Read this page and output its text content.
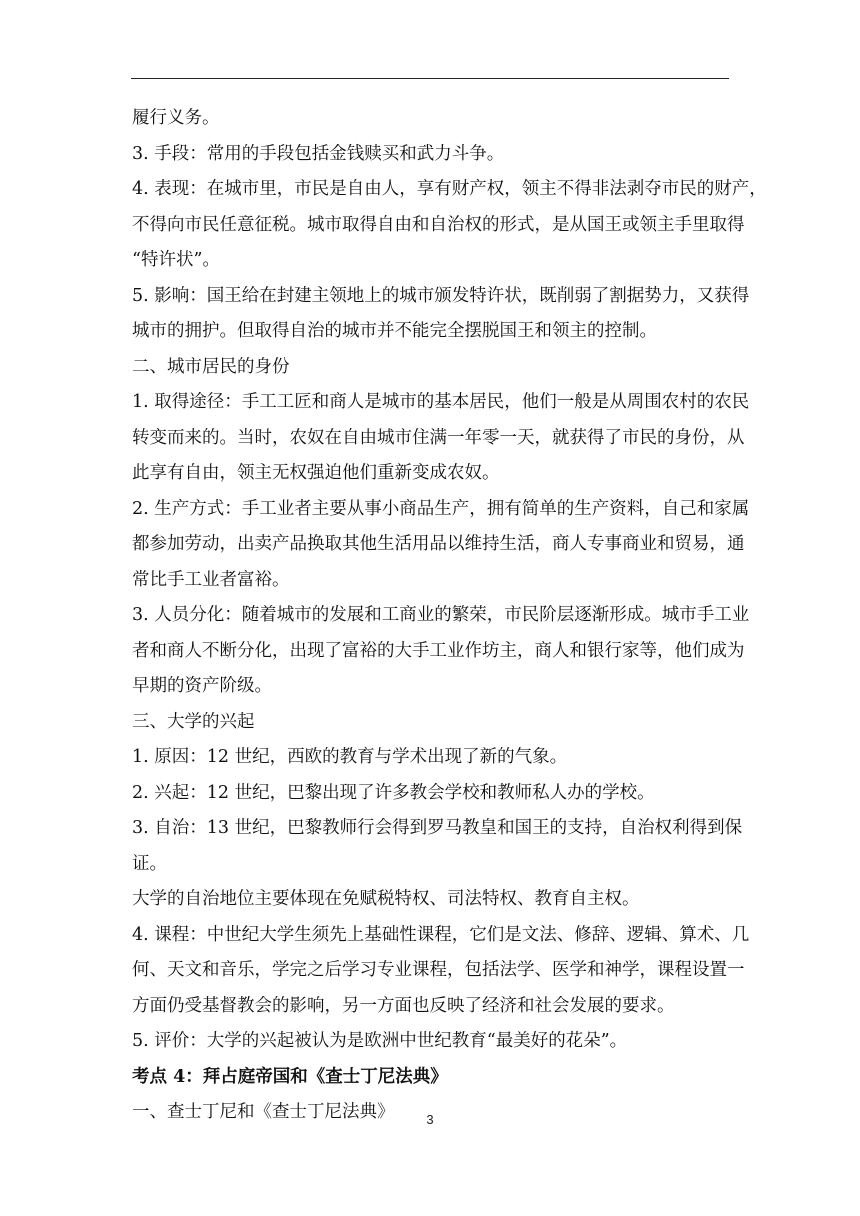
履行义务。
3. 手段：常用的手段包括金钱赎买和武力斗争。
4. 表现：在城市里，市民是自由人，享有财产权，领主不得非法剥夺市民的财产，
不得向市民任意征税。城市取得自由和自治权的形式，是从国王或领主手里取得
“特许状”。
5. 影响：国王给在封建主领地上的城市颁发特许状，既削弱了割据势力，又获得
城市的拥护。但取得自治的城市并不能完全摆脱国王和领主的控制。
二、城市居民的身份
1. 取得途径：手工工匠和商人是城市的基本居民，他们一般是从周围农村的农民
转变而来的。当时，农奴在自由城市住满一年零一天，就获得了市民的身份，从
此享有自由，领主无权强迫他们重新变成农奴。
2. 生产方式：手工业者主要从事小商品生产，拥有简单的生产资料，自己和家属
都参加劳动，出卖产品换取其他生活用品以维持生活，商人专事商业和贸易，通
常比手工业者富裕。
3. 人员分化：随着城市的发展和工商业的繁荣，市民阶层逐渐形成。城市手工业
者和商人不断分化，出现了富裕的大手工业作坊主，商人和银行家等，他们成为
早期的资产阶级。
三、大学的兴起
1. 原因：12 世纪，西欧的教育与学术出现了新的气象。
2. 兴起：12 世纪，巴黎出现了许多教会学校和教师私人办的学校。
3. 自治：13 世纪，巴黎教师行会得到罗马教皇和国王的支持，自治权利得到保
证。
大学的自治地位主要体现在免赋税特权、司法特权、教育自主权。
4. 课程：中世纪大学生须先上基础性课程，它们是文法、修辞、逻辑、算术、几
何、天文和音乐，学完之后学习专业课程，包括法学、医学和神学，课程设置一
方面仍受基督教会的影响，另一方面也反映了经济和社会发展的要求。
5. 评价：大学的兴起被认为是欧洲中世纪教育“最美好的花朵”。
考点 4：拜占庭帝国和《查士丁尼法典》
一、查士丁尼和《查士丁尼法典》	3
